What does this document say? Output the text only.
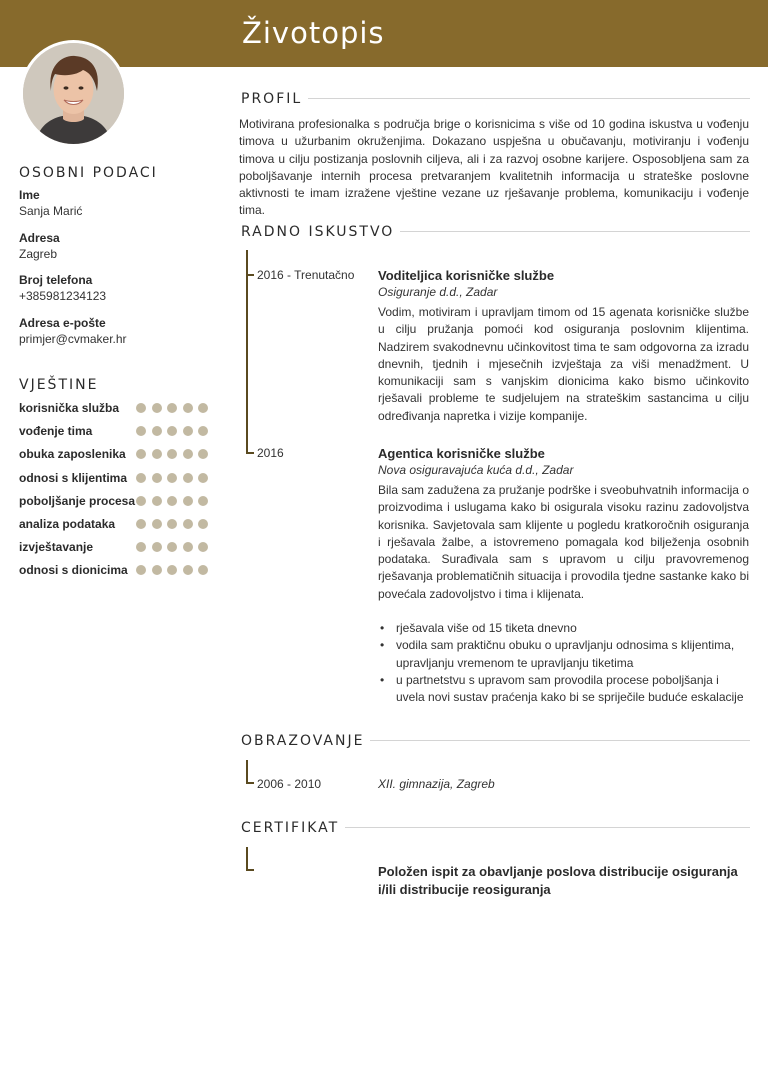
Životopis
OSOBNI PODACI
Ime
Sanja Marić
Adresa
Zagreb
Broj telefona
+385981234123
Adresa e-pošte
primjer@cvmaker.hr
VJEŠTINE
korisnička služba
vođenje tima
obuka zaposlenika
odnosi s klijentima
poboljšanje procesa
analiza podataka
izvještavanje
odnosi s dionicima
PROFIL
Motivirana profesionalka s područja brige o korisnicima s više od 10 godina iskustva u vođenju timova u užurbanim okruženjima. Dokazano uspješna u obučavanju, motiviranju i vođenju timova u cilju postizanja poslovnih ciljeva, ali i za razvoj osobne karijere. Osposobljena sam za poboljšavanje internih procesa pretvaranjem kvalitetnih informacija u strateške poslovne aktivnosti te imam izražene vještine vezane uz rješavanje problema, komunikaciju i vođenje tima.
RADNO ISKUSTVO
2016 - Trenutačno Voditeljica korisničke službe
Osiguranje d.d., Zadar
Vodim, motiviram i upravljam timom od 15 agenata korisničke službe u cilju pružanja pomoći kod osiguranja poslovnim klijentima. Nadzirem svakodnevnu učinkovitost tima te sam odgovorna za izradu dnevnih, tjednih i mjesečnih izvještaja za viši menadžment. U komunikaciji sam s vanjskim dionicima kako bismo učinkovito rješavali probleme te sudjelujem na strateškim sastancima u cilju određivanja napretka i vizije kompanije.
2016	Agentica korisničke službe
Nova osiguravajuća kuća d.d., Zadar
Bila sam zadužena za pružanje podrške i sveobuhvatnih informacija o proizvodima i uslugama kako bi osigurala visoku razinu zadovoljstva korisnika. Savjetovala sam klijente u pogledu kratkoročnih osiguranja i rješavala žalbe, a istovremeno pomagala kod bilježenja osobnih podataka. Surađivala sam s upravom u cilju pravovremenog rješavanja problematičnih situacija i provodila tjedne sastanke kako bi povećala zadovoljstvo i tima i klijenata.
• rješavala više od 15 tiketa dnevno
• vodila sam praktičnu obuku o upravljanju odnosima s klijentima, upravljanju vremenom te upravljanju tiketima
• u partnetstvu s upravom sam provodila procese poboljšanja i uvela novi sustav praćenja kako bi se spriječile buduće eskalacije
OBRAZOVANJE
2006 - 2010	XII. gimnazija, Zagreb
CERTIFIKAT
Položen ispit za obavljanje poslova distribucije osiguranja i/ili distribucije reosiguranja
